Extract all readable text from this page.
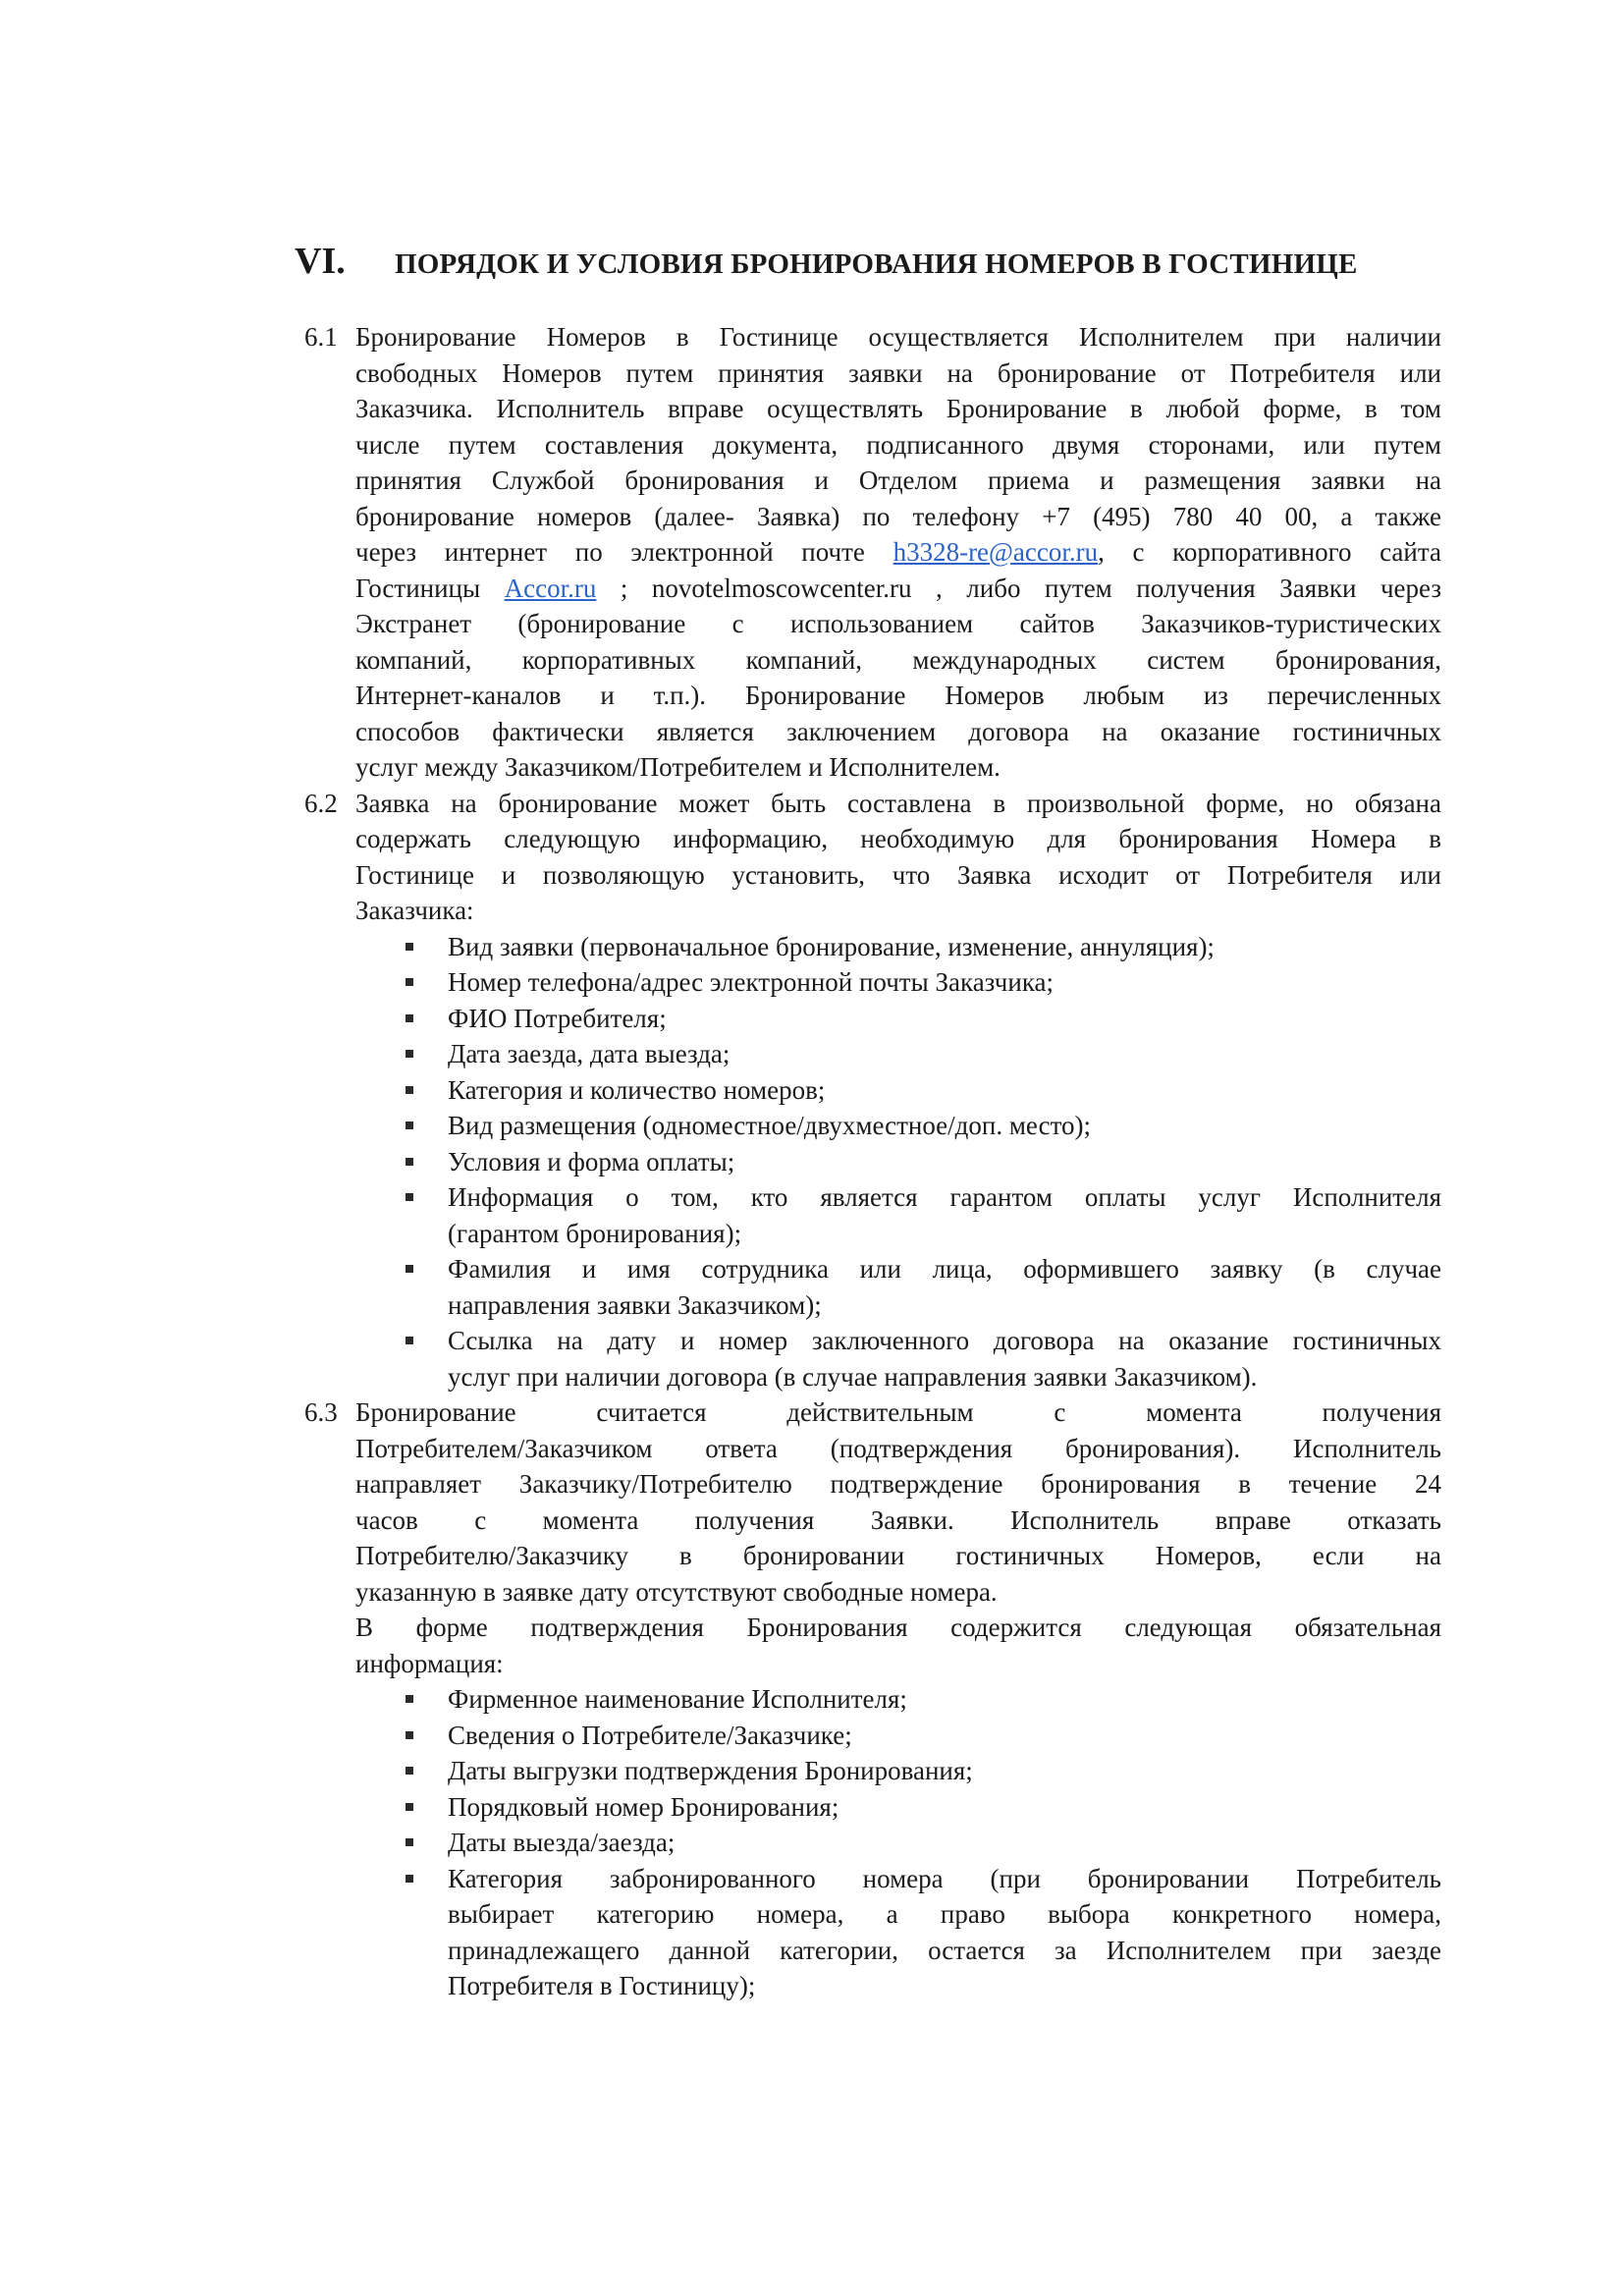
VI.	ПОРЯДОК И УСЛОВИЯ БРОНИРОВАНИЯ НОМЕРОВ В ГОСТИНИЦЕ
6.1 Бронирование Номеров в Гостинице осуществляется Исполнителем при наличии
свободных Номеров путем принятия заявки на бронирование от Потребителя или
Заказчика. Исполнитель вправе осуществлять Бронирование в любой форме, в том
числе путем составления документа, подписанного двумя сторонами, или путем
принятия Службой бронирования и Отделом приема и размещения заявки на
бронирование номеров (далее- Заявка) по телефону +7 (495) 780 40 00, а также
через интернет по электронной почте h3328-re@accor.ru, с корпоративного сайта
Гостиницы Accor.ru ; novotelmoscowcenter.ru , либо путем получения Заявки через
Экстранет (бронирование с использованием сайтов Заказчиков-туристических
компаний, корпоративных компаний, международных систем бронирования,
Интернет-каналов и т.п.). Бронирование Номеров любым из перечисленных
способов фактически является заключением договора на оказание гостиничных
услуг между Заказчиком/Потребителем и Исполнителем.
6.2 Заявка на бронирование может быть составлена в произвольной форме, но обязана
содержать следующую информацию, необходимую для бронирования Номера в
Гостинице и позволяющую установить, что Заявка исходит от Потребителя или
Заказчика:
Вид заявки (первоначальное бронирование, изменение, аннуляция);
Номер телефона/адрес электронной почты Заказчика;
ФИО Потребителя;
Дата заезда, дата выезда;
Категория и количество номеров;
Вид размещения (одноместное/двухместное/доп. место);
Условия и форма оплаты;
Информация о том, кто является гарантом оплаты услуг Исполнителя
(гарантом бронирования);
Фамилия и имя сотрудника или лица, оформившего заявку (в случае
направления заявки Заказчиком);
Ссылка на дату и номер заключенного договора на оказание гостиничных
услуг при наличии договора (в случае направления заявки Заказчиком).
6.3 Бронирование считается действительным с момента получения
Потребителем/Заказчиком ответа (подтверждения бронирования). Исполнитель
направляет Заказчику/Потребителю подтверждение бронирования в течение 24
часов с момента получения Заявки. Исполнитель вправе отказать
Потребителю/Заказчику в бронировании гостиничных Номеров, если на
указанную в заявке дату отсутствуют свободные номера.
В форме подтверждения Бронирования содержится следующая обязательная
информация:
Фирменное наименование Исполнителя;
Сведения о Потребителе/Заказчике;
Даты выгрузки подтверждения Бронирования;
Порядковый номер Бронирования;
Даты выезда/заезда;
Категория забронированного номера (при бронировании Потребитель
выбирает категорию номера, а право выбора конкретного номера,
принадлежащего данной категории, остается за Исполнителем при заезде
Потребителя в Гостиницу);
